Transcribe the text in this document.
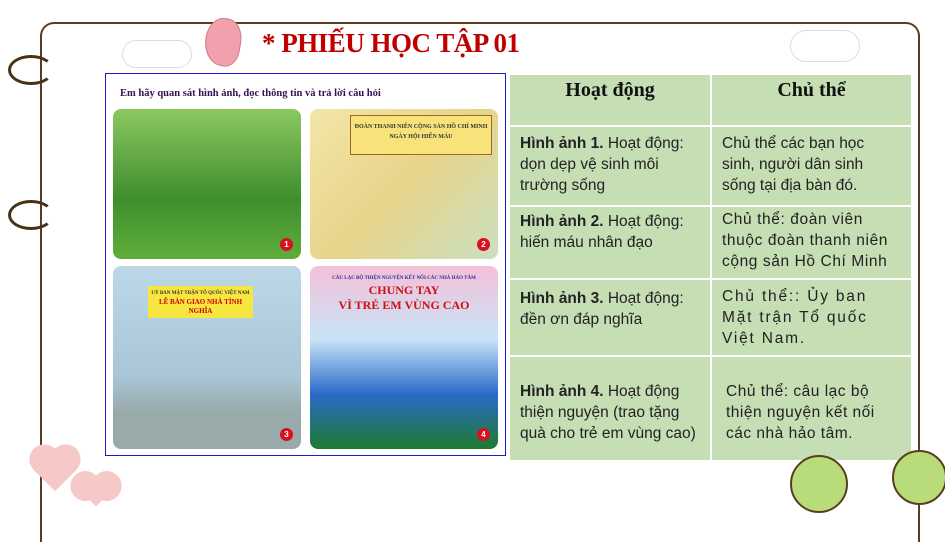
* PHIẾU HỌC TẬP 01
Em hãy quan sát hình ảnh, đọc thông tin và trả lời câu hỏi
1
ĐOÀN THANH NIÊN CỘNG SẢN HỒ CHÍ MINH
NGÀY HỘI HIẾN MÁU
2
UỶ BAN MẶT TRẬN TỔ QUỐC VIỆT NAM
LỄ BÀN GIAO NHÀ TÌNH NGHĨA
3
CÂU LẠC BỘ THIỆN NGUYỆN KẾT NỐI CÁC NHÀ HẢO TÂM
CHUNG TAY
VÌ TRẺ EM VÙNG CAO
4
Hoạt động	Chủ thể
Hình ảnh 1. Hoạt động: dọn dẹp vệ sinh môi trường sống	Chủ thể các bạn học sinh, người dân sinh sống tại địa bàn đó.
Hình ảnh 2. Hoạt động: hiến máu nhân đạo	Chủ thể: đoàn viên thuộc đoàn thanh niên cộng sản Hồ Chí Minh
Hình ảnh 3. Hoạt động: đền ơn đáp nghĩa	Chủ thể:: Ủy ban Mặt trận Tổ quốc Việt Nam.
Hình ảnh 4. Hoạt động thiện nguyện (trao tặng quà cho trẻ em vùng cao)	Chủ thể: câu lạc bộ thiện nguyện kết nối các nhà hảo tâm.
